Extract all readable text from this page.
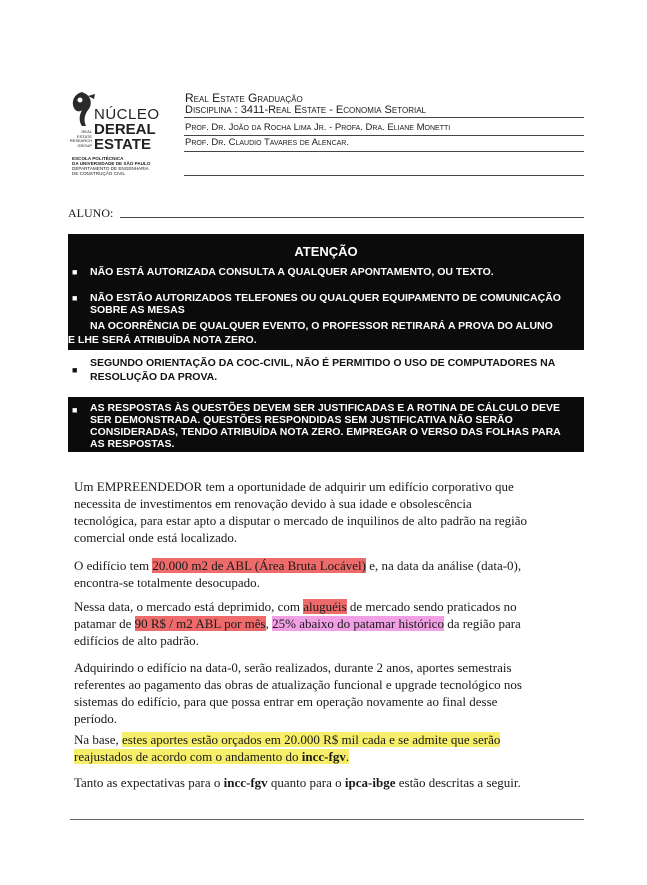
NÚCLEO
DEREAL
ESTATE
REAL ESTATE RESEARCH GROUP
ESCOLA POLITÉCNICA
DA UNIVERSIDADE DE SÃO PAULO
DEPARTAMENTO DE ENGENHARIA
DE CONSTRUÇÃO CIVIL
Real Estate Graduação
Disciplina : 3411-Real Estate - Economia Setorial
Prof. Dr. João da Rocha Lima Jr. - Profa. Dra. Eliane Monetti
Prof. Dr. Claudio Tavares de Alencar.
ALUNO:
ATENÇÃO
■ NÃO ESTÁ AUTORIZADA CONSULTA A QUALQUER APONTAMENTO, OU TEXTO.
■ NÃO ESTÃO AUTORIZADOS TELEFONES OU QUALQUER EQUIPAMENTO DE COMUNICAÇÃO
SOBRE AS MESAS
NA OCORRÊNCIA DE QUALQUER EVENTO, O PROFESSOR RETIRARÁ A PROVA DO ALUNO
E LHE SERÁ ATRIBUÍDA NOTA ZERO.
■
SEGUNDO ORIENTAÇÃO DA COC-CIVIL, NÃO É PERMITIDO O USO DE COMPUTADORES NA
RESOLUÇÃO DA PROVA.
■ AS RESPOSTAS ÀS QUESTÕES DEVEM SER JUSTIFICADAS E A ROTINA DE CÁLCULO DEVE
SER DEMONSTRADA. QUESTÕES RESPONDIDAS SEM JUSTIFICATIVA NÃO SERÃO
CONSIDERADAS, TENDO ATRIBUÍDA NOTA ZERO. EMPREGAR O VERSO DAS FOLHAS PARA
AS RESPOSTAS.
Um EMPREENDEDOR tem a oportunidade de adquirir um edifício corporativo que
necessita de investimentos em renovação devido à sua idade e obsolescência
tecnológica, para estar apto a disputar o mercado de inquilinos de alto padrão na região
comercial onde está localizado.
O edifício tem 20.000 m2 de ABL (Área Bruta Locável) e, na data da análise (data-0),
encontra-se totalmente desocupado.
Nessa data, o mercado está deprimido, com aluguéis de mercado sendo praticados no
patamar de 90 R$ / m2 ABL por mês, 25% abaixo do patamar histórico da região para
edifícios de alto padrão.
Adquirindo o edifício na data-0, serão realizados, durante 2 anos, aportes semestrais
referentes ao pagamento das obras de atualização funcional e upgrade tecnológico nos
sistemas do edifício, para que possa entrar em operação novamente ao final desse
período.
Na base, estes aportes estão orçados em 20.000 R$ mil cada e se admite que serão
reajustados de acordo com o andamento do incc-fgv.
Tanto as expectativas para o incc-fgv quanto para o ipca-ibge estão descritas a seguir.
